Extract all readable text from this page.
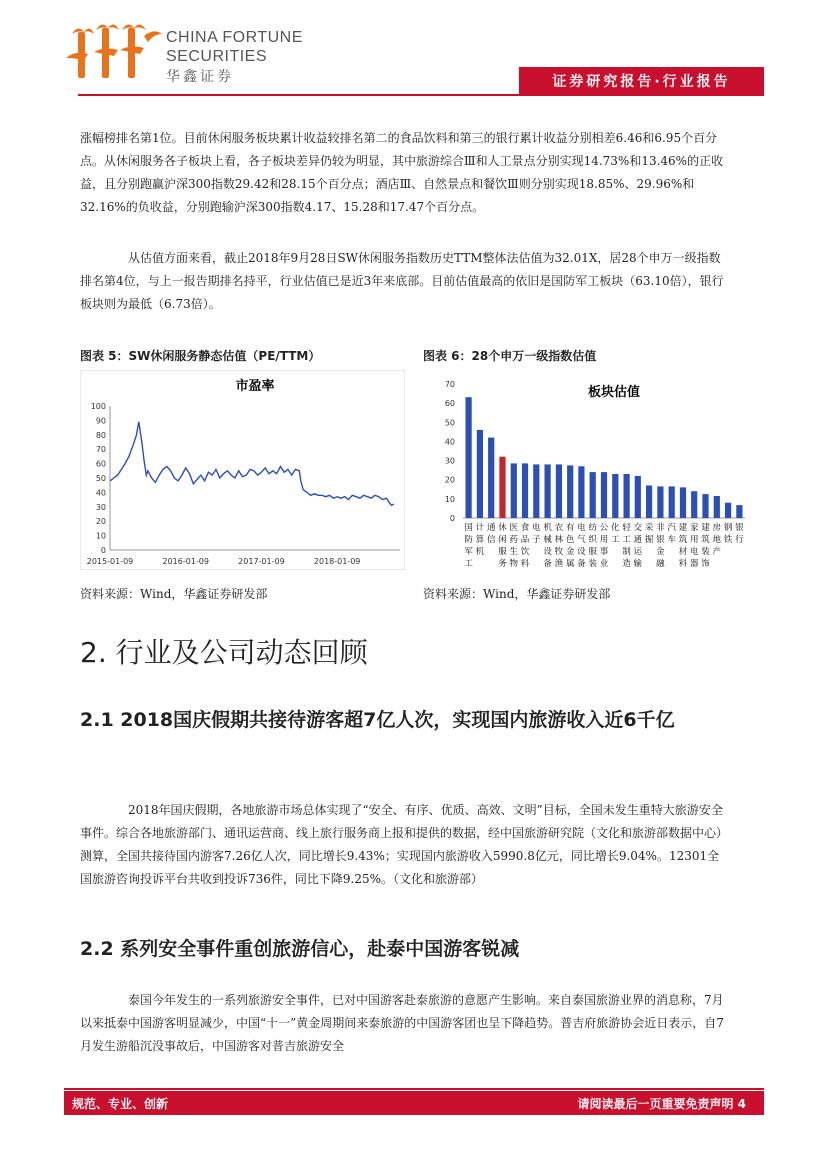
CHINA FORTUNE
SECURITIES
华鑫证券	证券研究报告·行业报告

涨幅榜排名第1位。目前休闲服务板块累计收益较排名第二的食品饮料和第三的银行累计收益分别相差6.46和6.95个百分点。从休闲服务各子板块上看，各子板块差异仍较为明显，其中旅游综合Ⅲ和人工景点分别实现14.73%和13.46%的正收益，且分别跑赢沪深300指数29.42和28.15个百分点；酒店Ⅲ、自然景点和餐饮Ⅲ则分别实现18.85%、29.96%和32.16%的负收益，分别跑输沪深300指数4.17、15.28和17.47个百分点。

从估值方面来看，截止2018年9月28日SW休闲服务指数历史TTM整体法估值为32.01X，居28个申万一级指数排名第4位，与上一报告期排名持平，行业估值已是近3年来底部。目前估值最高的依旧是国防军工板块（63.10倍），银行板块则为最低（6.73倍）。

图表 5：SW休闲服务静态估值（PE/TTM）	图表 6：28个申万一级指数估值
市盈率
0
10
20
30
40
50
60
70
80
90
100
2015-01-09	2016-01-09	2017-01-09	2018-01-09
板块估值
0
10
20
30
40
50
60
70
国防军工
计算机
通信
休闲服务
医药生物
食品饮料
电子
机械设备
农林牧渔
有色金属
电气设备
纺织服装
公用事业
化工
轻工制造
交通运输
采掘
非银金融
汽车
建筑材料
家用电器
建筑装饰
房地产
钢铁
银行
资料来源：Wind，华鑫证券研发部	资料来源：Wind，华鑫证券研发部
2. 行业及公司动态回顾
2.1 2018国庆假期共接待游客超7亿人次，实现国内旅游收入近6千亿

2018年国庆假期，各地旅游市场总体实现了“安全、有序、优质、高效、文明”目标，全国未发生重特大旅游安全事件。综合各地旅游部门、通讯运营商、线上旅行服务商上报和提供的数据，经中国旅游研究院（文化和旅游部数据中心）测算，全国共接待国内游客7.26亿人次，同比增长9.43%；实现国内旅游收入5990.8亿元，同比增长9.04%。12301全国旅游咨询投诉平台共收到投诉736件，同比下降9.25%。（文化和旅游部）

2.2 系列安全事件重创旅游信心，赴泰中国游客锐减

泰国今年发生的一系列旅游安全事件，已对中国游客赴泰旅游的意愿产生影响。来自泰国旅游业界的消息称，7月以来抵泰中国游客明显减少，中国“十一”黄金周期间来泰旅游的中国游客团也呈下降趋势。普吉府旅游协会近日表示，自7月发生游船沉没事故后，中国游客对普吉旅游安全

规范、专业、创新	请阅读最后一页重要免责声明 4
